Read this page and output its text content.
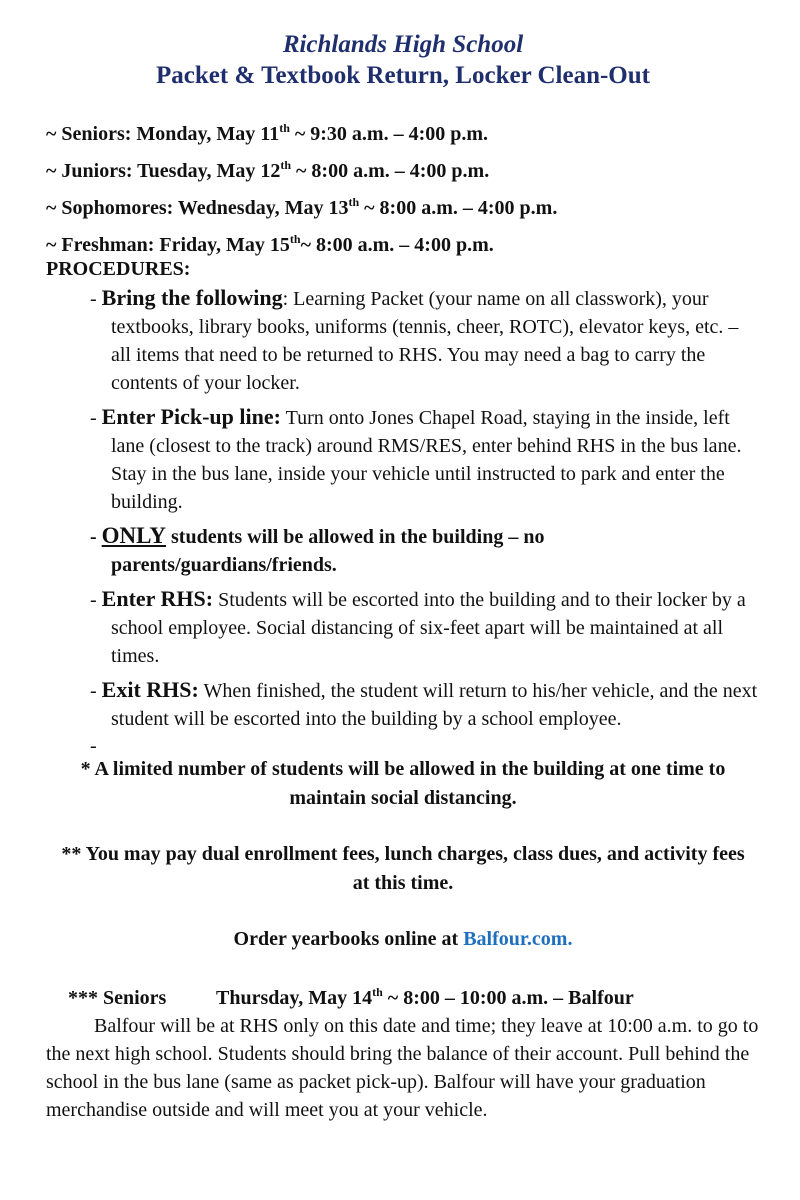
Richlands High School

Packet & Textbook Return, Locker Clean-Out

~ Seniors: Monday, May 11th ~ 9:30 a.m. – 4:00 p.m.
~ Juniors: Tuesday, May 12th ~ 8:00 a.m. – 4:00 p.m.
~ Sophomores: Wednesday, May 13th ~ 8:00 a.m. – 4:00 p.m.
~ Freshman: Friday, May 15th~ 8:00 a.m. – 4:00 p.m.
PROCEDURES:
- Bring the following: Learning Packet (your name on all classwork), your textbooks, library books, uniforms (tennis, cheer, ROTC), elevator keys, etc. – all items that need to be returned to RHS. You may need a bag to carry the contents of your locker.
- Enter Pick-up line: Turn onto Jones Chapel Road, staying in the inside, left lane (closest to the track) around RMS/RES, enter behind RHS in the bus lane. Stay in the bus lane, inside your vehicle until instructed to park and enter the building.
- ONLY students will be allowed in the building – no parents/guardians/friends.
- Enter RHS: Students will be escorted into the building and to their locker by a school employee. Social distancing of six-feet apart will be maintained at all times.
- Exit RHS: When finished, the student will return to his/her vehicle, and the next student will be escorted into the building by a school employee.
-

* A limited number of students will be allowed in the building at one time to maintain social distancing.

** You may pay dual enrollment fees, lunch charges, class dues, and activity fees at this time.

Order yearbooks online at Balfour.com.

*** Seniors          Thursday, May 14th ~ 8:00 – 10:00 a.m. – Balfour

Balfour will be at RHS only on this date and time; they leave at 10:00 a.m. to go to the next high school. Students should bring the balance of their account. Pull behind the school in the bus lane (same as packet pick-up). Balfour will have your graduation merchandise outside and will meet you at your vehicle.
